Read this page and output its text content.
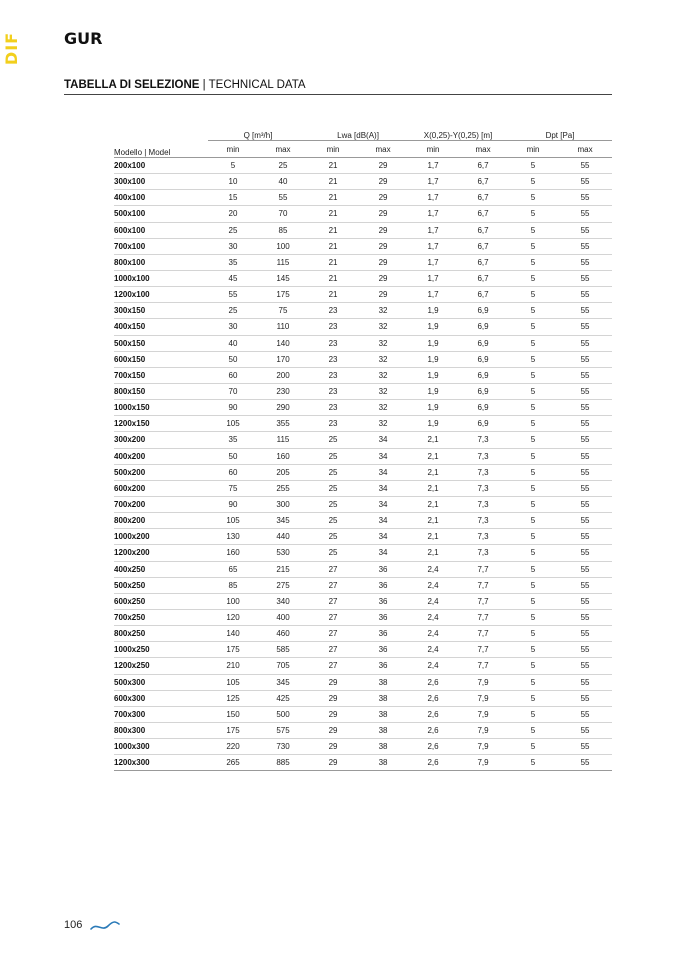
DIF	GUR
TABELLA DI SELEZIONE | TECHNICAL DATA
Modello | Model	Q [m³/h]		Lwa [dB(A)]		X(0,25)-Y(0,25) [m]		Dpt [Pa]	
	min	max	min	max	min	max	min	max
200x100	5	25	21	29	1,7	6,7	5	55
300x100	10	40	21	29	1,7	6,7	5	55
400x100	15	55	21	29	1,7	6,7	5	55
500x100	20	70	21	29	1,7	6,7	5	55
600x100	25	85	21	29	1,7	6,7	5	55
700x100	30	100	21	29	1,7	6,7	5	55
800x100	35	115	21	29	1,7	6,7	5	55
1000x100	45	145	21	29	1,7	6,7	5	55
1200x100	55	175	21	29	1,7	6,7	5	55
300x150	25	75	23	32	1,9	6,9	5	55
400x150	30	110	23	32	1,9	6,9	5	55
500x150	40	140	23	32	1,9	6,9	5	55
600x150	50	170	23	32	1,9	6,9	5	55
700x150	60	200	23	32	1,9	6,9	5	55
800x150	70	230	23	32	1,9	6,9	5	55
1000x150	90	290	23	32	1,9	6,9	5	55
1200x150	105	355	23	32	1,9	6,9	5	55
300x200	35	115	25	34	2,1	7,3	5	55
400x200	50	160	25	34	2,1	7,3	5	55
500x200	60	205	25	34	2,1	7,3	5	55
600x200	75	255	25	34	2,1	7,3	5	55
700x200	90	300	25	34	2,1	7,3	5	55
800x200	105	345	25	34	2,1	7,3	5	55
1000x200	130	440	25	34	2,1	7,3	5	55
1200x200	160	530	25	34	2,1	7,3	5	55
400x250	65	215	27	36	2,4	7,7	5	55
500x250	85	275	27	36	2,4	7,7	5	55
600x250	100	340	27	36	2,4	7,7	5	55
700x250	120	400	27	36	2,4	7,7	5	55
800x250	140	460	27	36	2,4	7,7	5	55
1000x250	175	585	27	36	2,4	7,7	5	55
1200x250	210	705	27	36	2,4	7,7	5	55
500x300	105	345	29	38	2,6	7,9	5	55
600x300	125	425	29	38	2,6	7,9	5	55
700x300	150	500	29	38	2,6	7,9	5	55
800x300	175	575	29	38	2,6	7,9	5	55
1000x300	220	730	29	38	2,6	7,9	5	55
1200x300	265	885	29	38	2,6	7,9	5	55
106
